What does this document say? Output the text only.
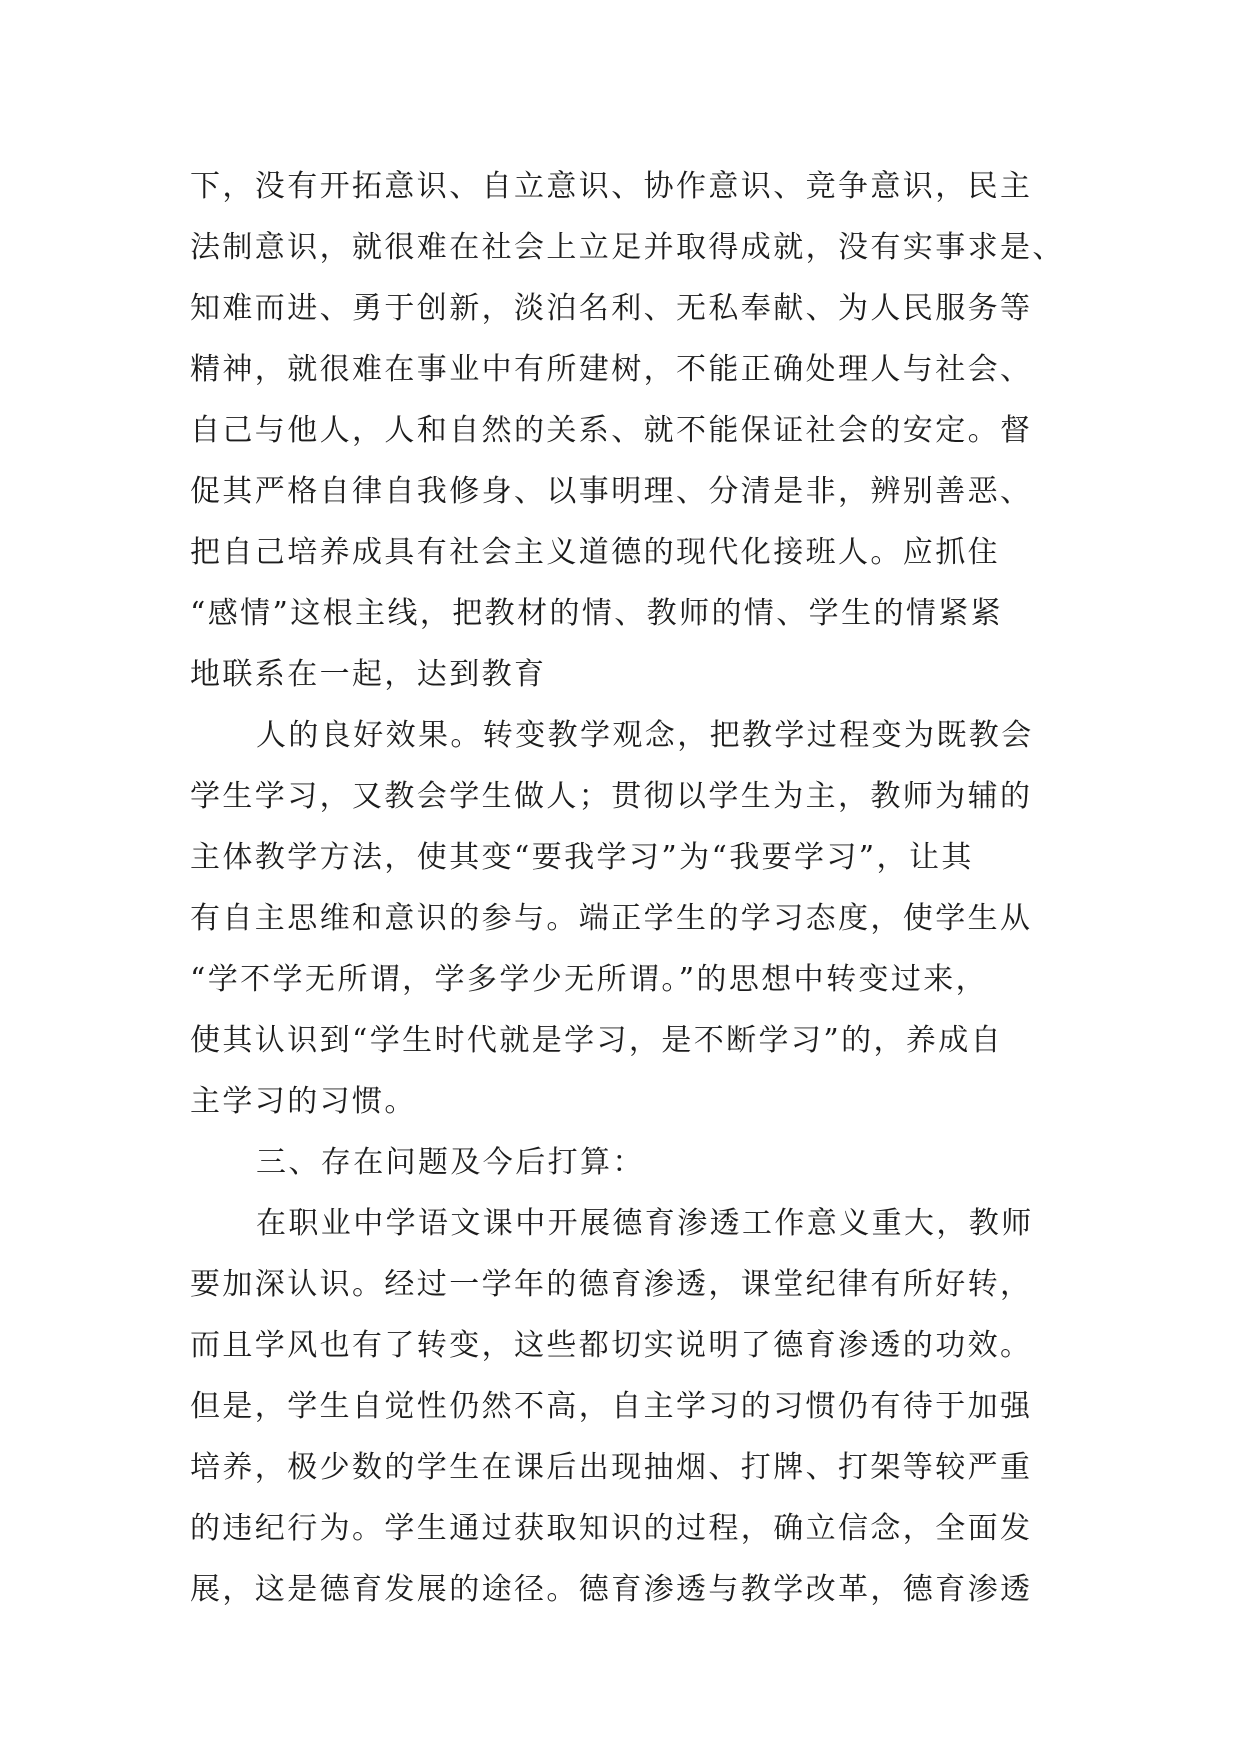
下，没有开拓意识、自立意识、协作意识、竞争意识，民主
法制意识，就很难在社会上立足并取得成就，没有实事求是、
知难而进、勇于创新，淡泊名利、无私奉献、为人民服务等
精神，就很难在事业中有所建树，不能正确处理人与社会、
自己与他人，人和自然的关系、就不能保证社会的安定。督
促其严格自律自我修身、以事明理、分清是非，辨别善恶、
把自己培养成具有社会主义道德的现代化接班人。应抓住
“感情”这根主线，把教材的情、教师的情、学生的情紧紧
地联系在一起，达到教育
人的良好效果。转变教学观念，把教学过程变为既教会
学生学习，又教会学生做人；贯彻以学生为主，教师为辅的
主体教学方法，使其变“要我学习”为“我要学习”，让其
有自主思维和意识的参与。端正学生的学习态度，使学生从
“学不学无所谓，学多学少无所谓。”的思想中转变过来，
使其认识到“学生时代就是学习，是不断学习”的，养成自
主学习的习惯。
三、存在问题及今后打算：
在职业中学语文课中开展德育渗透工作意义重大，教师
要加深认识。经过一学年的德育渗透，课堂纪律有所好转，
而且学风也有了转变，这些都切实说明了德育渗透的功效。
但是，学生自觉性仍然不高，自主学习的习惯仍有待于加强
培养，极少数的学生在课后出现抽烟、打牌、打架等较严重
的违纪行为。学生通过获取知识的过程，确立信念，全面发
展，这是德育发展的途径。德育渗透与教学改革，德育渗透
